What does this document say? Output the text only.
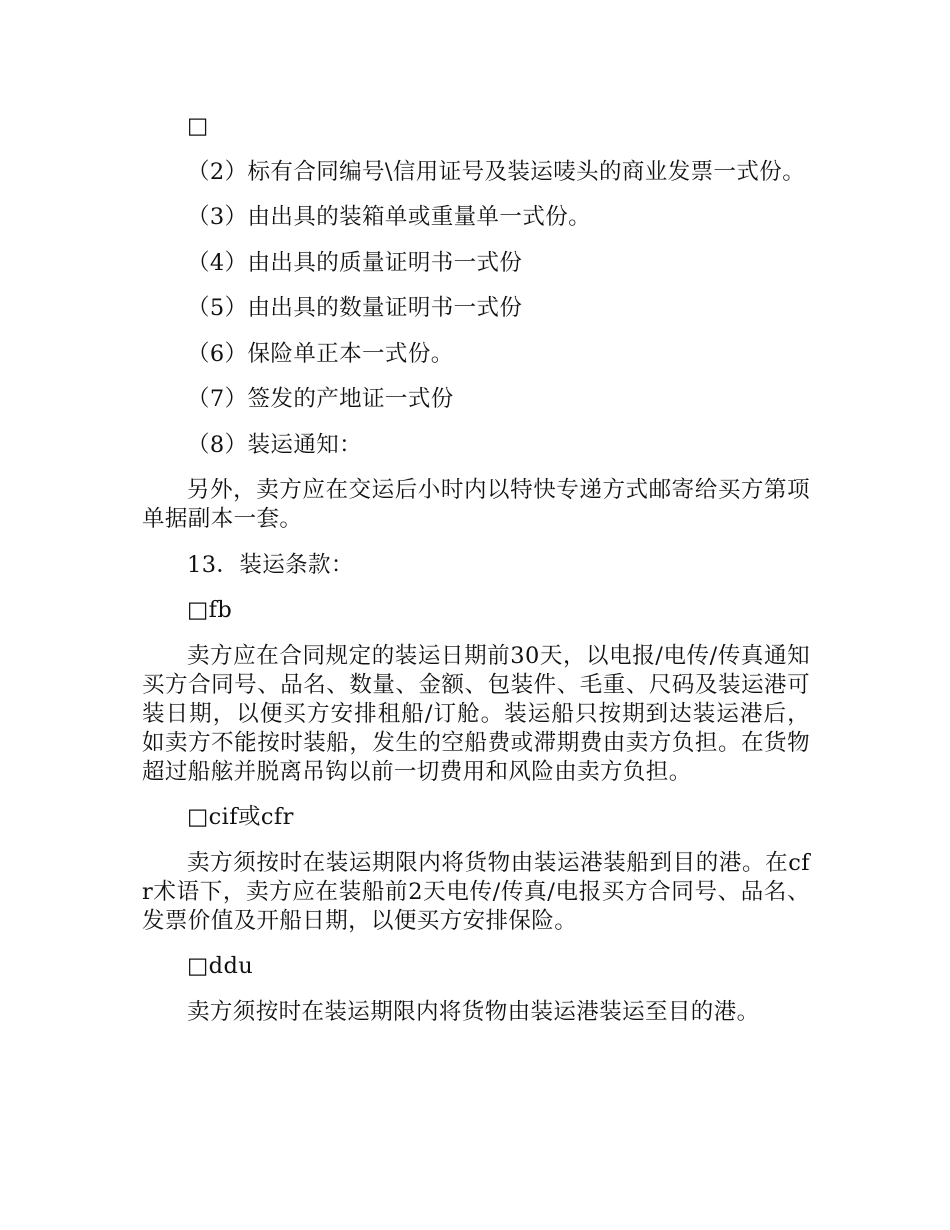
□

（2）标有合同编号\信用证号及装运唛头的商业发票一式份。

（3）由出具的装箱单或重量单一式份。

（4）由出具的质量证明书一式份

（5）由出具的数量证明书一式份

（6）保险单正本一式份。

（7）签发的产地证一式份

（8）装运通知：

另外，卖方应在交运后小时内以特快专递方式邮寄给买方第项单据副本一套。

13．装运条款：

□fb

卖方应在合同规定的装运日期前30天，以电报/电传/传真通知买方合同号、品名、数量、金额、包装件、毛重、尺码及装运港可装日期，以便买方安排租船/订舱。装运船只按期到达装运港后，如卖方不能按时装船，发生的空船费或滞期费由卖方负担。在货物超过船舷并脱离吊钩以前一切费用和风险由卖方负担。

□cif或cfr

卖方须按时在装运期限内将货物由装运港装船到目的港。在cfr术语下，卖方应在装船前2天电传/传真/电报买方合同号、品名、发票价值及开船日期，以便买方安排保险。

□ddu

卖方须按时在装运期限内将货物由装运港装运至目的港。
